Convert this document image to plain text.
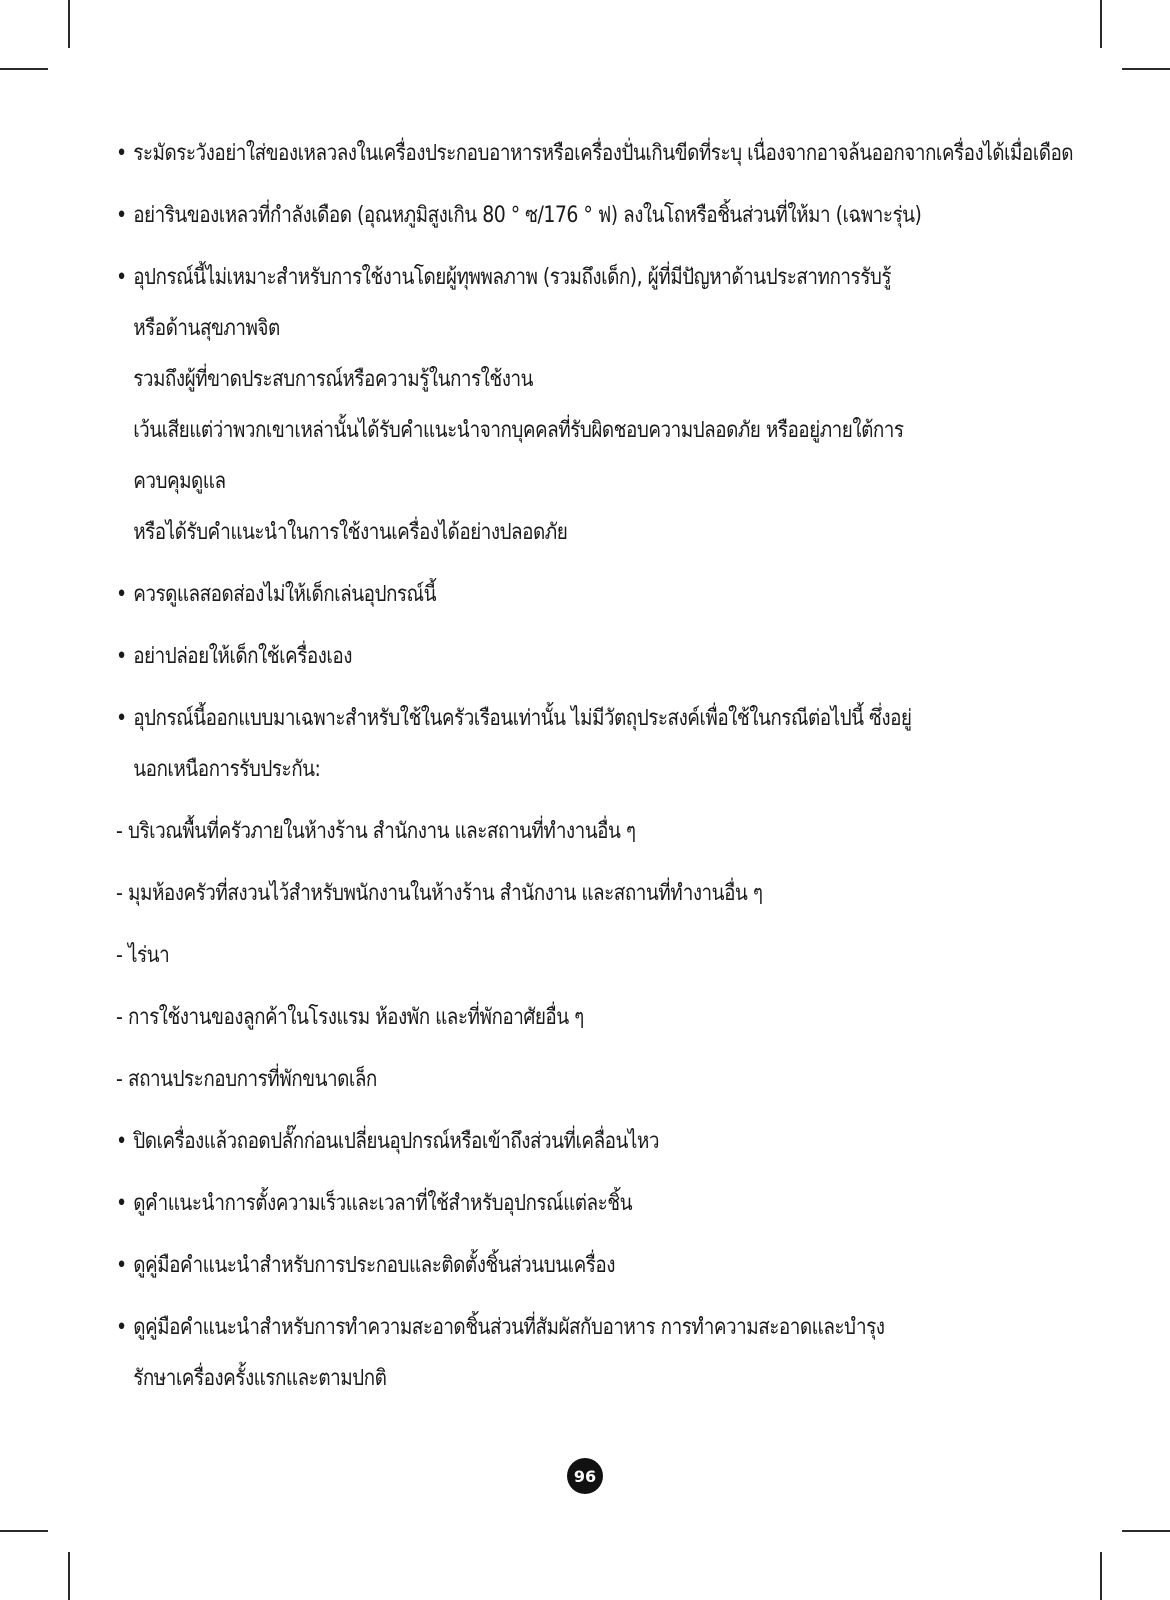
• ระมัดระวังอย่าใส่ของเหลวลงในเครื่องประกอบอาหารหรือเครื่องปั่นเกินขีดที่ระบุ เนื่องจากอาจล้นออกจากเครื่องได้เมื่อเดือด
• อย่ารินของเหลวที่กำลังเดือด (อุณหภูมิสูงเกิน 80 ° ซ/176 ° ฟ) ลงในโถหรือชิ้นส่วนที่ให้มา (เฉพาะรุ่น)
• อุปกรณ์นี้ไม่เหมาะสำหรับการใช้งานโดยผู้ทุพพลภาพ (รวมถึงเด็ก), ผู้ที่มีปัญหาด้านประสาทการรับรู้
หรือด้านสุขภาพจิต
รวมถึงผู้ที่ขาดประสบการณ์หรือความรู้ในการใช้งาน
เว้นเสียแต่ว่าพวกเขาเหล่านั้นได้รับคำแนะนำจากบุคคลที่รับผิดชอบความปลอดภัย หรืออยู่ภายใต้การ
ควบคุมดูแล
หรือได้รับคำแนะนำในการใช้งานเครื่องได้อย่างปลอดภัย
• ควรดูแลสอดส่องไม่ให้เด็กเล่นอุปกรณ์นี้
• อย่าปล่อยให้เด็กใช้เครื่องเอง
• อุปกรณ์นี้ออกแบบมาเฉพาะสำหรับใช้ในครัวเรือนเท่านั้น ไม่มีวัตถุประสงค์เพื่อใช้ในกรณีต่อไปนี้ ซึ่งอยู่
นอกเหนือการรับประกัน:
- บริเวณพื้นที่ครัวภายในห้างร้าน สำนักงาน และสถานที่ทำงานอื่น ๆ
- มุมห้องครัวที่สงวนไว้สำหรับพนักงานในห้างร้าน สำนักงาน และสถานที่ทำงานอื่น ๆ
- ไร่นา
- การใช้งานของลูกค้าในโรงแรม ห้องพัก และที่พักอาศัยอื่น ๆ
- สถานประกอบการที่พักขนาดเล็ก
• ปิดเครื่องแล้วถอดปลั๊กก่อนเปลี่ยนอุปกรณ์หรือเข้าถึงส่วนที่เคลื่อนไหว
• ดูคำแนะนำการตั้งความเร็วและเวลาที่ใช้สำหรับอุปกรณ์แต่ละชิ้น
• ดูคู่มือคำแนะนำสำหรับการประกอบและติดตั้งชิ้นส่วนบนเครื่อง
• ดูคู่มือคำแนะนำสำหรับการทำความสะอาดชิ้นส่วนที่สัมผัสกับอาหาร การทำความสะอาดและบำรุง
รักษาเครื่องครั้งแรกและตามปกติ
96
